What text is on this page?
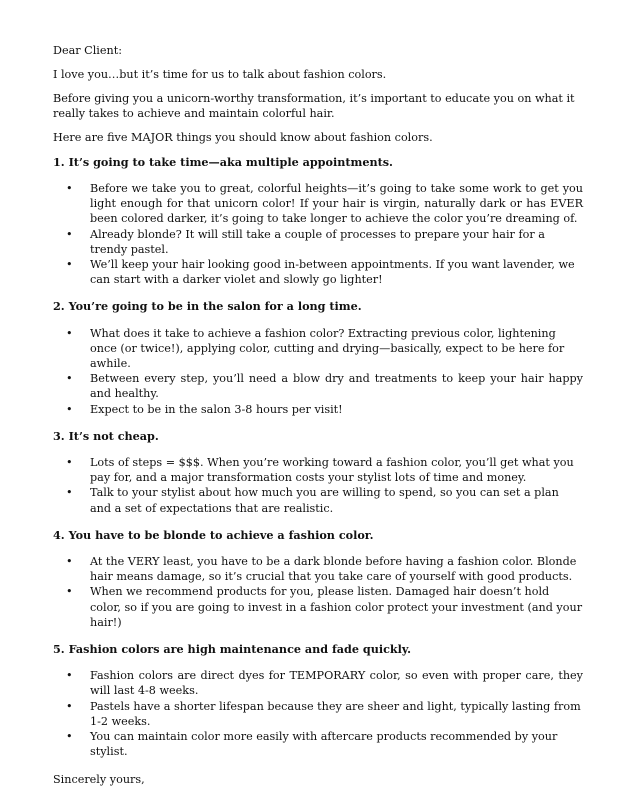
Dear Client:

I love you…but it’s time for us to talk about fashion colors.

Before giving you a unicorn-worthy transformation, it’s important to educate you on what it really takes to achieve and maintain colorful hair.

Here are five MAJOR things you should know about fashion colors.

1. It’s going to take time—aka multiple appointments.
• Before we take you to great, colorful heights—it’s going to take some work to get you light enough for that unicorn color! If your hair is virgin, naturally dark or has EVER been colored darker, it’s going to take longer to achieve the color you’re dreaming of.
• Already blonde? It will still take a couple of processes to prepare your hair for a trendy pastel.
• We’ll keep your hair looking good in-between appointments. If you want lavender, we can start with a darker violet and slowly go lighter!
2. You’re going to be in the salon for a long time.
• What does it take to achieve a fashion color? Extracting previous color, lightening once (or twice!), applying color, cutting and drying—basically, expect to be here for awhile.
• Between every step, you’ll need a blow dry and treatments to keep your hair happy and healthy.
• Expect to be in the salon 3-8 hours per visit!
3. It’s not cheap.
• Lots of steps = $$$. When you’re working toward a fashion color, you’ll get what you pay for, and a major transformation costs your stylist lots of time and money.
• Talk to your stylist about how much you are willing to spend, so you can set a plan and a set of expectations that are realistic.
4. You have to be blonde to achieve a fashion color.
• At the VERY least, you have to be a dark blonde before having a fashion color. Blonde hair means damage, so it’s crucial that you take care of yourself with good products.
• When we recommend products for you, please listen. Damaged hair doesn’t hold color, so if you are going to invest in a fashion color protect your investment (and your hair!)
5. Fashion colors are high maintenance and fade quickly.
• Fashion colors are direct dyes for TEMPORARY color, so even with proper care, they will last 4-8 weeks.
• Pastels have a shorter lifespan because they are sheer and light, typically lasting from 1-2 weeks.
• You can maintain color more easily with aftercare products recommended by your stylist.

Sincerely yours,
